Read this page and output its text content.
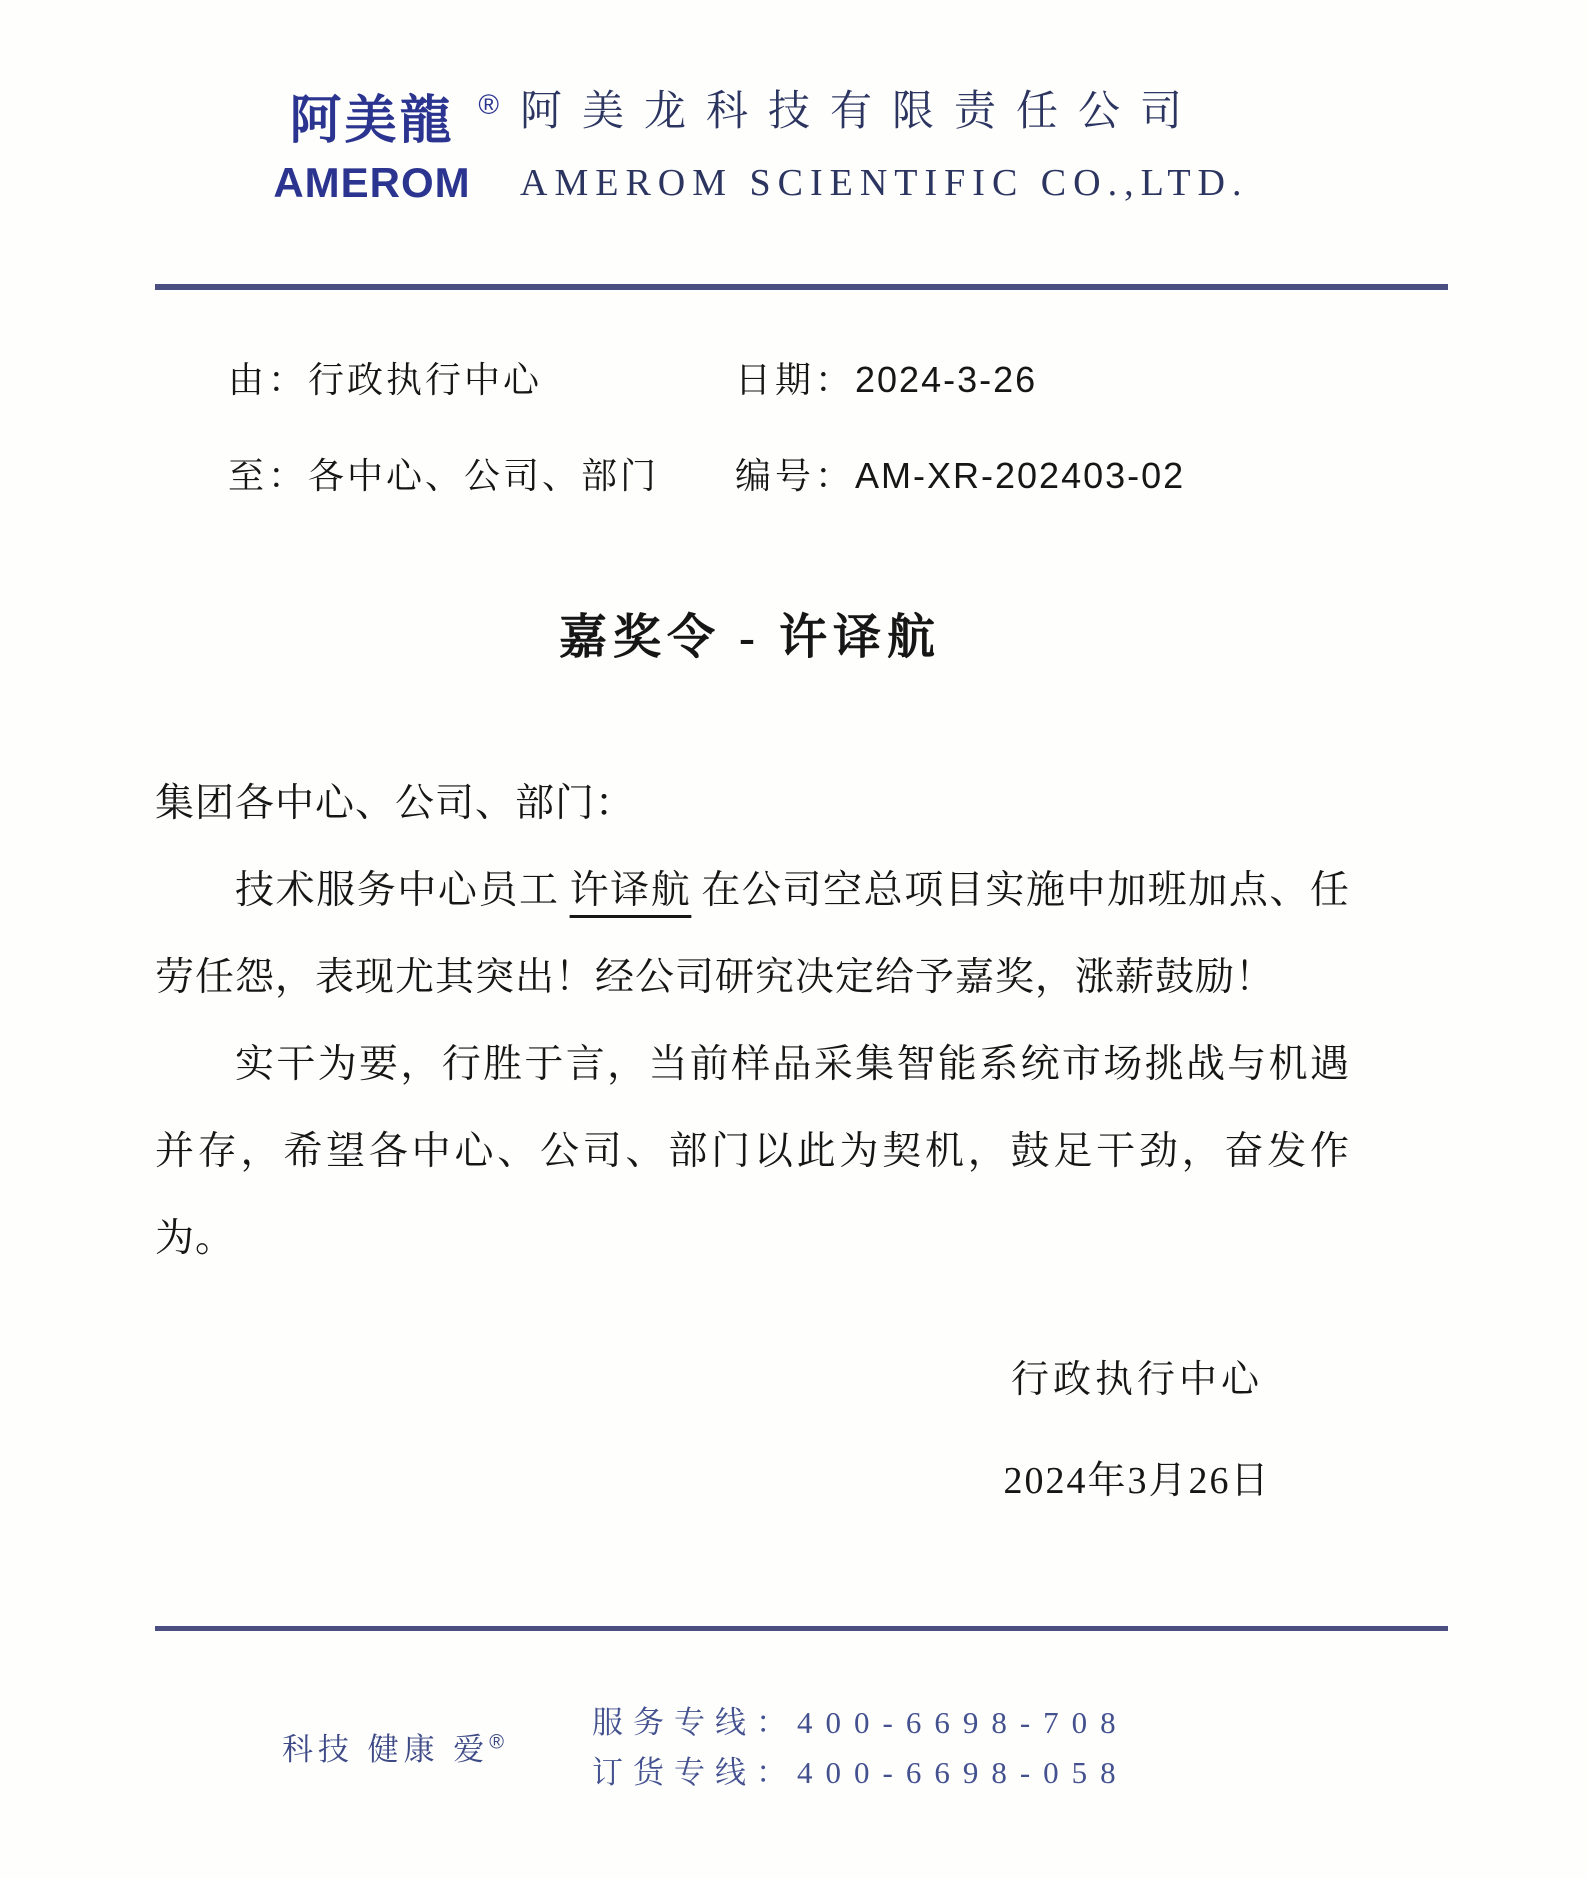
阿美龍 ®
AMEROM
阿美龙科技有限责任公司
AMEROM SCIENTIFIC CO.,LTD.
由：行政执行中心	日期：2024-3-26
至：各中心、公司、部门 编号：AM-XR-202403-02
嘉奖令 - 许译航

集团各中心、公司、部门：

技术服务中心员工 许译航 在公司空总项目实施中加班加点、任劳任怨，表现尤其突出！经公司研究决定给予嘉奖，涨薪鼓励！

实干为要，行胜于言，当前样品采集智能系统市场挑战与机遇并存，希望各中心、公司、部门以此为契机，鼓足干劲，奋发作为。

行政执行中心
2024年3月26日
科技 健康 爱®
服务专线：400-6698-708
订货专线：400-6698-058
